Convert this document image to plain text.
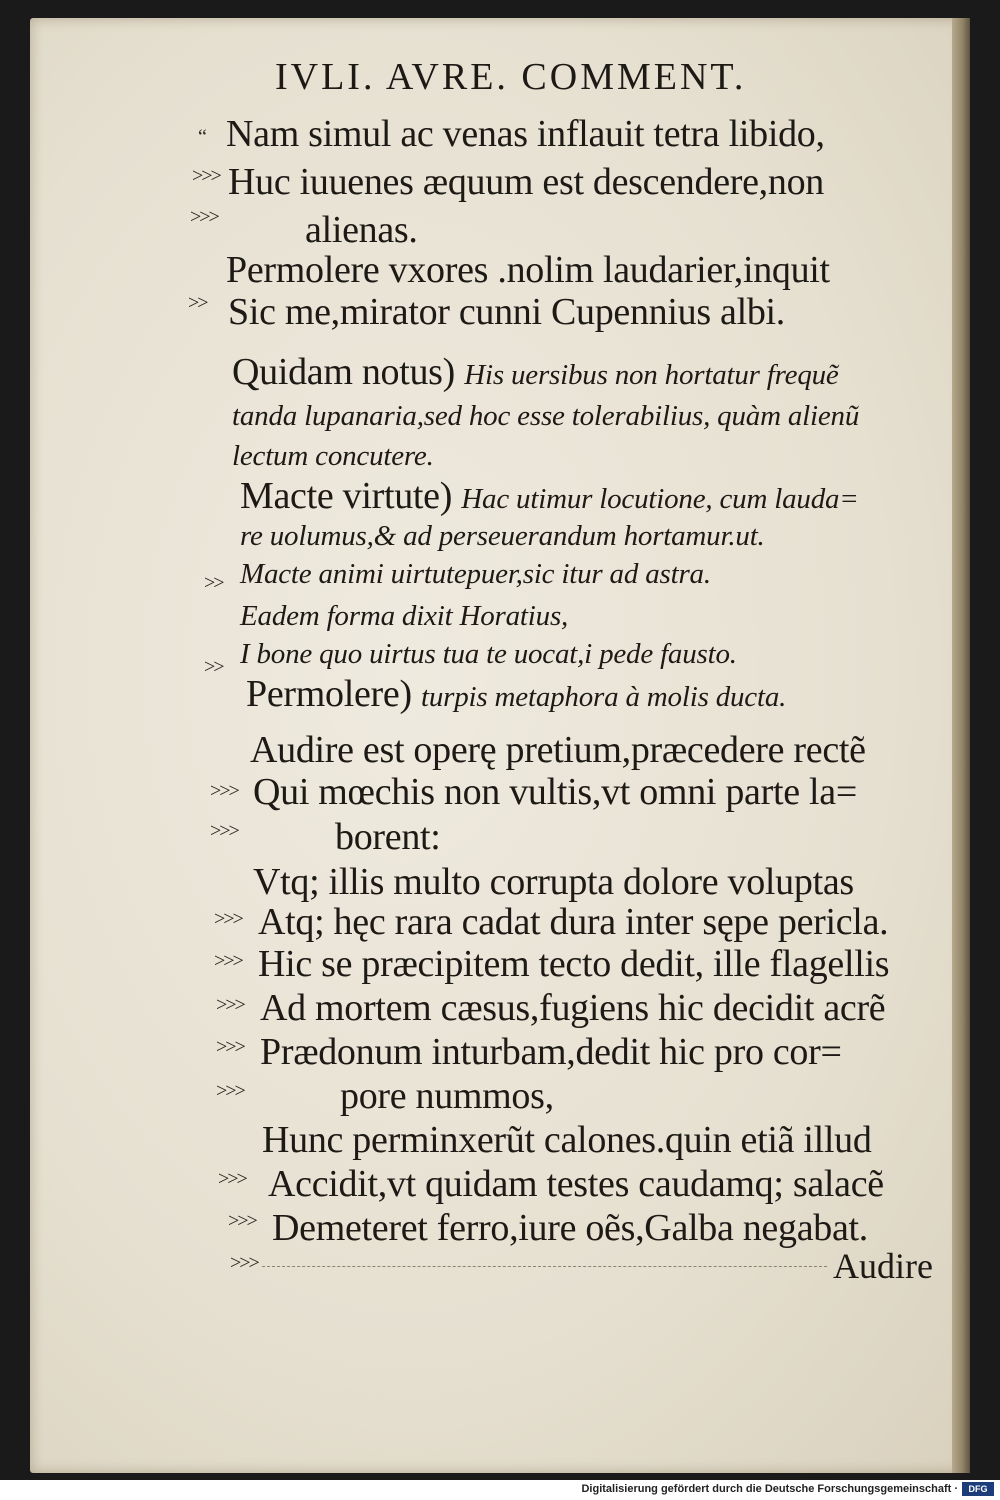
IVLI. AVRE. COMMENT.
“ Nam simul ac venas inflauit tetra libido,
>>> Huc iuuenes æquum est descendere,non
>>> alienas.
Permolere vxores .nolim laudarier,inquit
>> Sic me,mirator cunni Cupennius albi.
Quidam notus) His uersibus non hortatur frequẽ
tanda lupanaria,sed hoc esse tolerabilius, quàm alienũ
lectum concutere.
Macte virtute) Hac utimur locutione, cum lauda=
re uolumus,& ad perseuerandum hortamur.ut.
>> Macte animi uirtutepuer,sic itur ad astra.
Eadem forma dixit Horatius,
>> I bone quo uirtus tua te uocat,i pede fausto.
Permolere) turpis metaphora à molis ducta.
Audire est operę pretium,præcedere rectẽ
>>> Qui mœchis non vultis,vt omni parte la=
>>>	borent:
Vtq; illis multo corrupta dolore voluptas
>>> Atq; hęc rara cadat dura inter sępe pericla.
>>> Hic se præcipitem tecto dedit, ille flagellis
>>> Ad mortem cæsus,fugiens hic decidit acrẽ
>>> Prædonum inturbam,dedit hic pro cor=
>>>	pore nummos,
Hunc perminxerũt calones.quin etiã illud
>>> Accidit,vt quidam testes caudamq; salacẽ
>>> Demeteret ferro,iure oẽs,Galba negabat.
>>>	Audire
Digitalisierung gefördert durch die Deutsche Forschungsgemeinschaft ·	DFG
